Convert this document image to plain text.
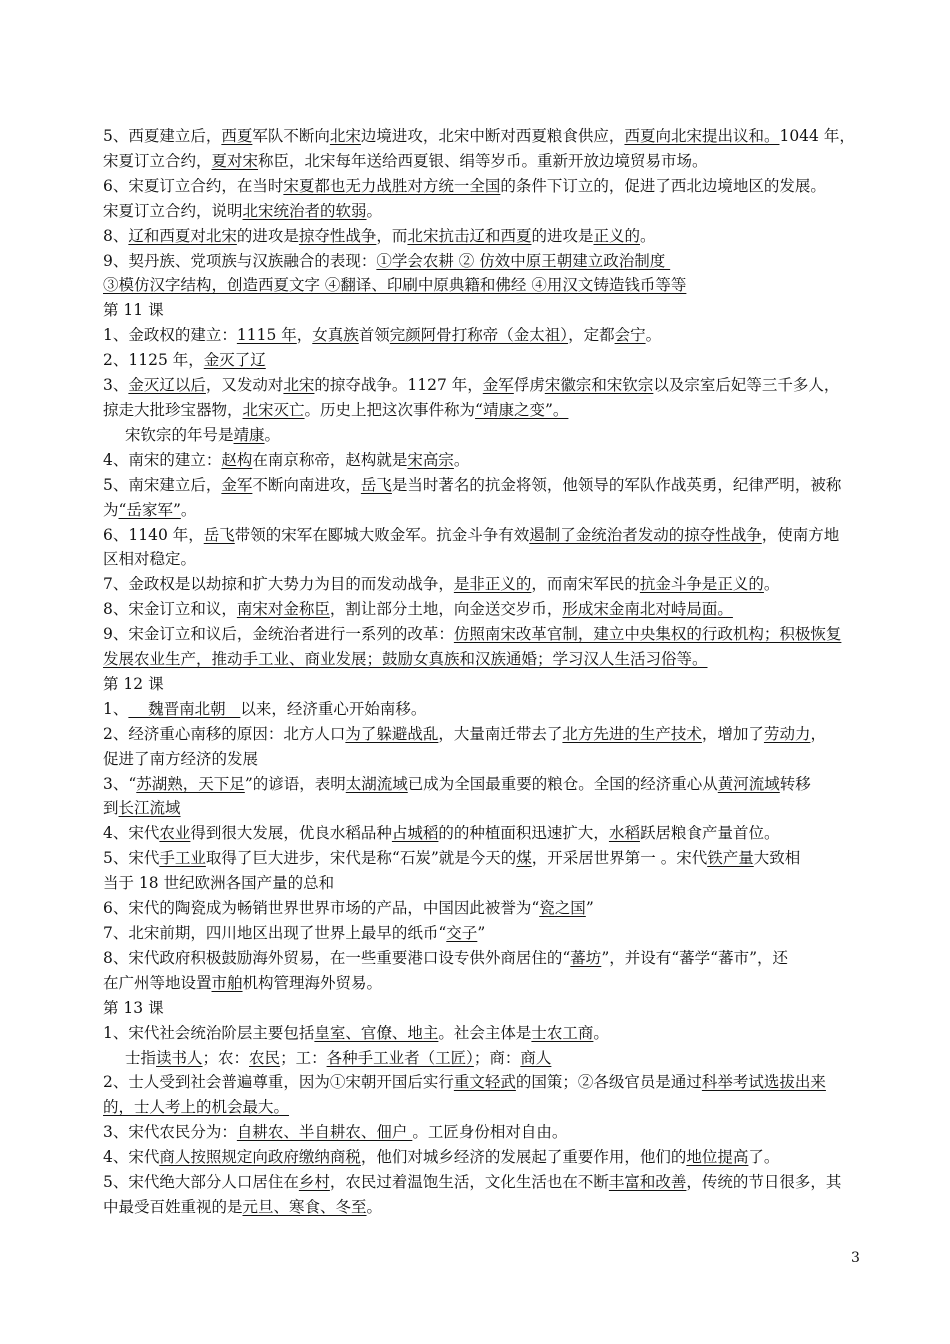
5、西夏建立后，西夏军队不断向北宋边境进攻，北宋中断对西夏粮食供应，西夏向北宋提出议和。1044 年，
宋夏订立合约，夏对宋称臣，北宋每年送给西夏银、绢等岁币。重新开放边境贸易市场。
6、宋夏订立合约，在当时宋夏都也无力战胜对方统一全国的条件下订立的，促进了西北边境地区的发展。
宋夏订立合约，说明北宋统治者的软弱。
8、辽和西夏对北宋的进攻是掠夺性战争，而北宋抗击辽和西夏的进攻是正义的。
9、契丹族、党项族与汉族融合的表现：①学会农耕 ② 仿效中原王朝建立政治制度
③模仿汉字结构，创造西夏文字 ④翻译、印刷中原典籍和佛经 ④用汉文铸造钱币等等
第 11 课
1、金政权的建立：1115 年，女真族首领完颜阿骨打称帝（金太祖），定都会宁。
2、1125 年，金灭了辽
3、金灭辽以后，又发动对北宋的掠夺战争。1127 年，金军俘虏宋徽宗和宋钦宗以及宗室后妃等三千多人，
掠走大批珍宝器物，北宋灭亡。历史上把这次事件称为“靖康之变”。
宋钦宗的年号是靖康。
4、南宋的建立：赵构在南京称帝，赵构就是宋高宗。
5、南宋建立后，金军不断向南进攻，岳飞是当时著名的抗金将领，他领导的军队作战英勇，纪律严明，被称
为“岳家军”。
6、1140 年，岳飞带领的宋军在郾城大败金军。抗金斗争有效遏制了金统治者发动的掠夺性战争，使南方地
区相对稳定。
7、金政权是以劫掠和扩大势力为目的而发动战争，是非正义的，而南宋军民的抗金斗争是正义的。
8、宋金订立和议，南宋对金称臣，割让部分土地，向金送交岁币，形成宋金南北对峙局面。
9、宋金订立和议后，金统治者进行一系列的改革：仿照南宋改革官制，建立中央集权的行政机构；积极恢复
发展农业生产，推动手工业、商业发展；鼓励女真族和汉族通婚；学习汉人生活习俗等。
第 12 课
1、    魏晋南北朝   以来，经济重心开始南移。
2、经济重心南移的原因：北方人口为了躲避战乱，大量南迁带去了北方先进的生产技术，增加了劳动力，
促进了南方经济的发展
3、“苏湖熟，天下足”的谚语，表明太湖流域已成为全国最重要的粮仓。全国的经济重心从黄河流域转移
到长江流域
4、宋代农业得到很大发展，优良水稻品种占城稻的的种植面积迅速扩大，水稻跃居粮食产量首位。
5、宋代手工业取得了巨大进步，宋代是称“石炭”就是今天的煤，开采居世界第一 。宋代铁产量大致相
当于 18 世纪欧洲各国产量的总和
6、宋代的陶瓷成为畅销世界世界市场的产品，中国因此被誉为“瓷之国”
7、北宋前期，四川地区出现了世界上最早的纸币“交子”
8、宋代政府积极鼓励海外贸易，在一些重要港口设专供外商居住的“蕃坊”，并设有“蕃学“蕃市”，还
在广州等地设置市舶机构管理海外贸易。
第 13 课
1、宋代社会统治阶层主要包括皇室、官僚、地主。社会主体是士农工商。
士指读书人；农：农民；工：各种手工业者（工匠）；商：商人
2、士人受到社会普遍尊重，因为①宋朝开国后实行重文轻武的国策；②各级官员是通过科举考试选拔出来
的，士人考上的机会最大。
3、宋代农民分为：自耕农、半自耕农、佃户 。工匠身份相对自由。
4、宋代商人按照规定向政府缴纳商税，他们对城乡经济的发展起了重要作用，他们的地位提高了。
5、宋代绝大部分人口居住在乡村，农民过着温饱生活，文化生活也在不断丰富和改善，传统的节日很多，其
中最受百姓重视的是元旦、寒食、冬至。
3
